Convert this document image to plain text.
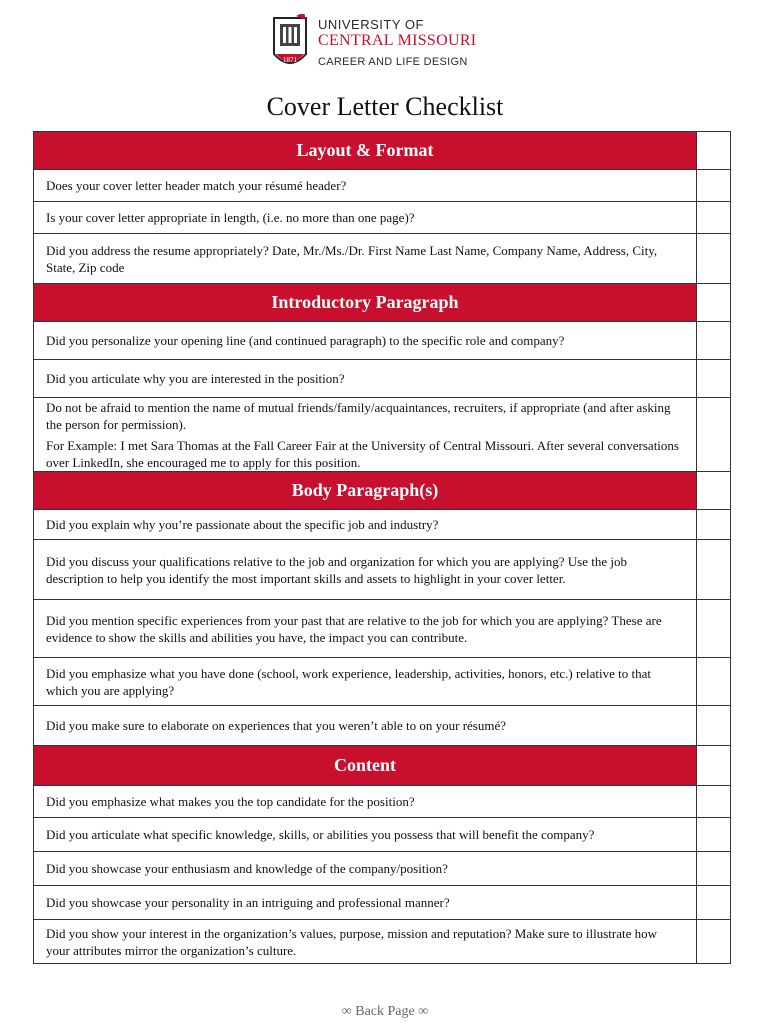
1871
UNIVERSITY OF
CENTRAL MISSOURI
CAREER AND LIFE DESIGN
Cover Letter Checklist
Layout & Format

Does your cover letter header match your résumé header?

Is your cover letter appropriate in length, (i.e. no more than one page)?

Did you address the resume appropriately? Date, Mr./Ms./Dr. First Name Last Name, Company Name, Address, City, State, Zip code

Introductory Paragraph

Did you personalize your opening line (and continued paragraph) to the specific role and company?

Did you articulate why you are interested in the position?

Do not be afraid to mention the name of mutual friends/family/acquaintances, recruiters, if appropriate (and after asking the person for permission).

For Example: I met Sara Thomas at the Fall Career Fair at the University of Central Missouri. After several conversations over LinkedIn, she encouraged me to apply for this position.

Body Paragraph(s)

Did you explain why you’re passionate about the specific job and industry?

Did you discuss your qualifications relative to the job and organization for which you are applying? Use the job description to help you identify the most important skills and assets to highlight in your cover letter.

Did you mention specific experiences from your past that are relative to the job for which you are applying? These are evidence to show the skills and abilities you have, the impact you can contribute.

Did you emphasize what you have done (school, work experience, leadership, activities, honors, etc.) relative to that which you are applying?

Did you make sure to elaborate on experiences that you weren’t able to on your résumé?

Content

Did you emphasize what makes you the top candidate for the position?

Did you articulate what specific knowledge, skills, or abilities you possess that will benefit the company?

Did you showcase your enthusiasm and knowledge of the company/position?

Did you showcase your personality in an intriguing and professional manner?

Did you show your interest in the organization’s values, purpose, mission and reputation? Make sure to illustrate how your attributes mirror the organization’s culture.

∞ Back Page ∞
